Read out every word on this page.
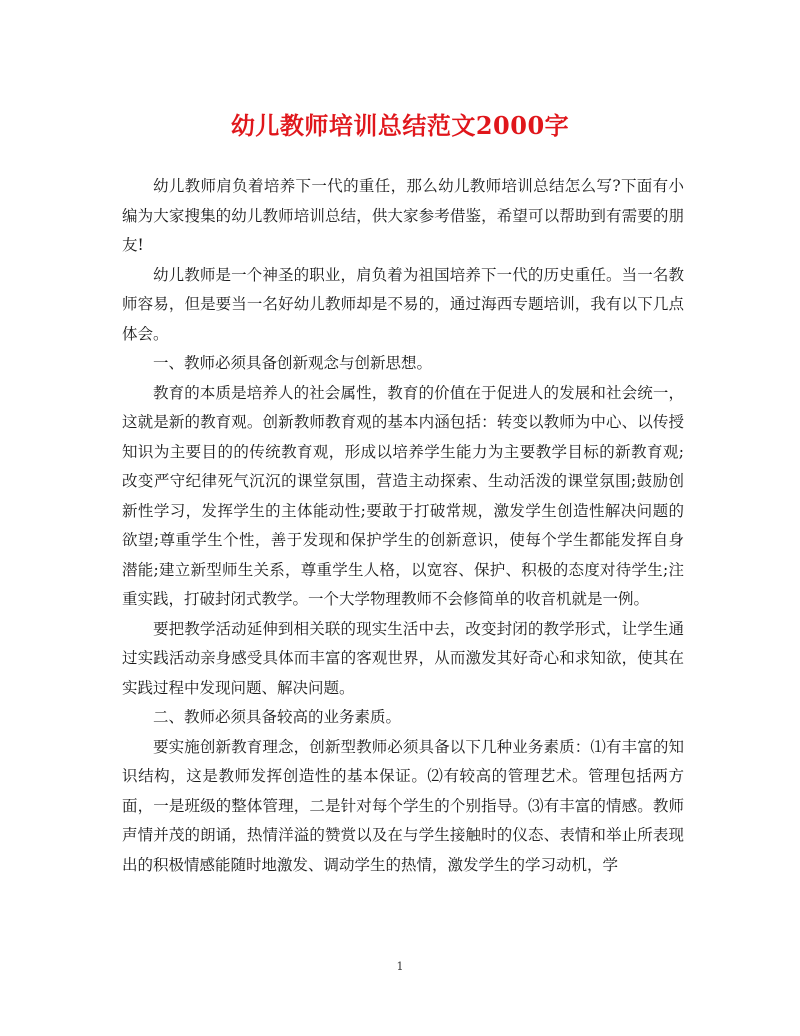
幼儿教师培训总结范文2000字

幼儿教师肩负着培养下一代的重任，那么幼儿教师培训总结怎么写?下面有小编为大家搜集的幼儿教师培训总结，供大家参考借鉴，希望可以帮助到有需要的朋友!

幼儿教师是一个神圣的职业，肩负着为祖国培养下一代的历史重任。当一名教师容易，但是要当一名好幼儿教师却是不易的，通过海西专题培训，我有以下几点体会。

一、教师必须具备创新观念与创新思想。

教育的本质是培养人的社会属性，教育的价值在于促进人的发展和社会统一，这就是新的教育观。创新教师教育观的基本内涵包括：转变以教师为中心、以传授知识为主要目的的传统教育观，形成以培养学生能力为主要教学目标的新教育观;改变严守纪律死气沉沉的课堂氛围，营造主动探索、生动活泼的课堂氛围;鼓励创新性学习，发挥学生的主体能动性;要敢于打破常规，激发学生创造性解决问题的欲望;尊重学生个性，善于发现和保护学生的创新意识，使每个学生都能发挥自身潜能;建立新型师生关系，尊重学生人格，以宽容、保护、积极的态度对待学生;注重实践，打破封闭式教学。一个大学物理教师不会修简单的收音机就是一例。

要把教学活动延伸到相关联的现实生活中去，改变封闭的教学形式，让学生通过实践活动亲身感受具体而丰富的客观世界，从而激发其好奇心和求知欲，使其在实践过程中发现问题、解决问题。

二、教师必须具备较高的业务素质。

要实施创新教育理念，创新型教师必须具备以下几种业务素质：⑴有丰富的知识结构，这是教师发挥创造性的基本保证。⑵有较高的管理艺术。管理包括两方面，一是班级的整体管理，二是针对每个学生的个别指导。⑶有丰富的情感。教师声情并茂的朗诵，热情洋溢的赞赏以及在与学生接触时的仪态、表情和举止所表现出的积极情感能随时地激发、调动学生的热情，激发学生的学习动机，学

1
